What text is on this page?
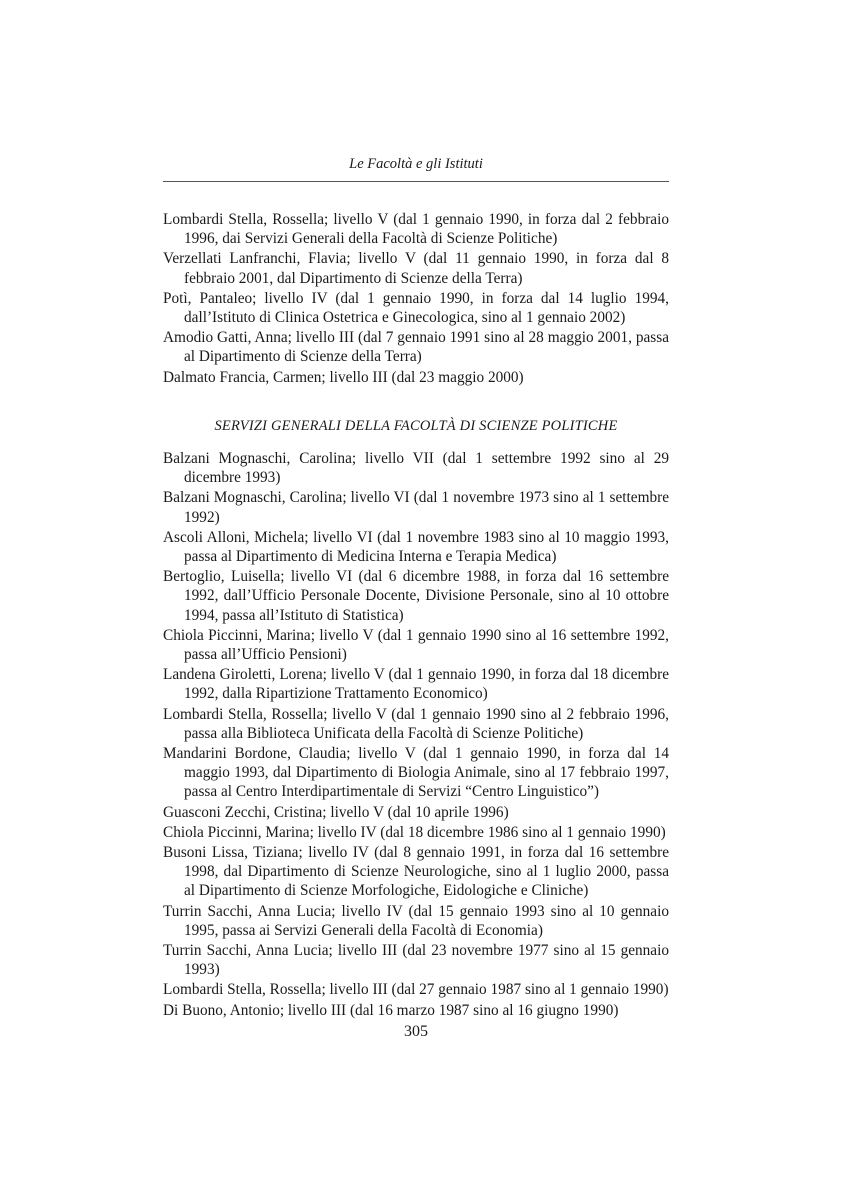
Le Facoltà e gli Istituti

Lombardi Stella, Rossella; livello V (dal 1 gennaio 1990, in forza dal 2 febbraio 1996, dai Servizi Generali della Facoltà di Scienze Politiche)

Verzellati Lanfranchi, Flavia; livello V (dal 11 gennaio 1990, in forza dal 8 febbraio 2001, dal Dipartimento di Scienze della Terra)

Potì, Pantaleo; livello IV (dal 1 gennaio 1990, in forza dal 14 luglio 1994, dall’Istituto di Clinica Ostetrica e Ginecologica, sino al 1 gennaio 2002)

Amodio Gatti, Anna; livello III (dal 7 gennaio 1991 sino al 28 maggio 2001, passa al Dipartimento di Scienze della Terra)

Dalmato Francia, Carmen; livello III (dal 23 maggio 2000)

SERVIZI GENERALI DELLA FACOLTÀ DI SCIENZE POLITICHE

Balzani Mognaschi, Carolina; livello VII (dal 1 settembre 1992 sino al 29 dicembre 1993)

Balzani Mognaschi, Carolina; livello VI (dal 1 novembre 1973 sino al 1 settembre 1992)

Ascoli Alloni, Michela; livello VI (dal 1 novembre 1983 sino al 10 maggio 1993, passa al Dipartimento di Medicina Interna e Terapia Medica)

Bertoglio, Luisella; livello VI (dal 6 dicembre 1988, in forza dal 16 settembre 1992, dall’Ufficio Personale Docente, Divisione Personale, sino al 10 ottobre 1994, passa all’Istituto di Statistica)

Chiola Piccinni, Marina; livello V (dal 1 gennaio 1990 sino al 16 settembre 1992, passa all’Ufficio Pensioni)

Landena Giroletti, Lorena; livello V (dal 1 gennaio 1990, in forza dal 18 dicembre 1992, dalla Ripartizione Trattamento Economico)

Lombardi Stella, Rossella; livello V (dal 1 gennaio 1990 sino al 2 febbraio 1996, passa alla Biblioteca Unificata della Facoltà di Scienze Politiche)

Mandarini Bordone, Claudia; livello V (dal 1 gennaio 1990, in forza dal 14 maggio 1993, dal Dipartimento di Biologia Animale, sino al 17 febbraio 1997, passa al Centro Interdipartimentale di Servizi “Centro Linguistico”)

Guasconi Zecchi, Cristina; livello V (dal 10 aprile 1996)

Chiola Piccinni, Marina; livello IV (dal 18 dicembre 1986 sino al 1 gennaio 1990)

Busoni Lissa, Tiziana; livello IV (dal 8 gennaio 1991, in forza dal 16 settembre 1998, dal Dipartimento di Scienze Neurologiche, sino al 1 luglio 2000, passa al Dipartimento di Scienze Morfologiche, Eidologiche e Cliniche)

Turrin Sacchi, Anna Lucia; livello IV (dal 15 gennaio 1993 sino al 10 gennaio 1995, passa ai Servizi Generali della Facoltà di Economia)

Turrin Sacchi, Anna Lucia; livello III (dal 23 novembre 1977 sino al 15 gennaio 1993)

Lombardi Stella, Rossella; livello III (dal 27 gennaio 1987 sino al 1 gennaio 1990)

Di Buono, Antonio; livello III (dal 16 marzo 1987 sino al 16 giugno 1990)

305
